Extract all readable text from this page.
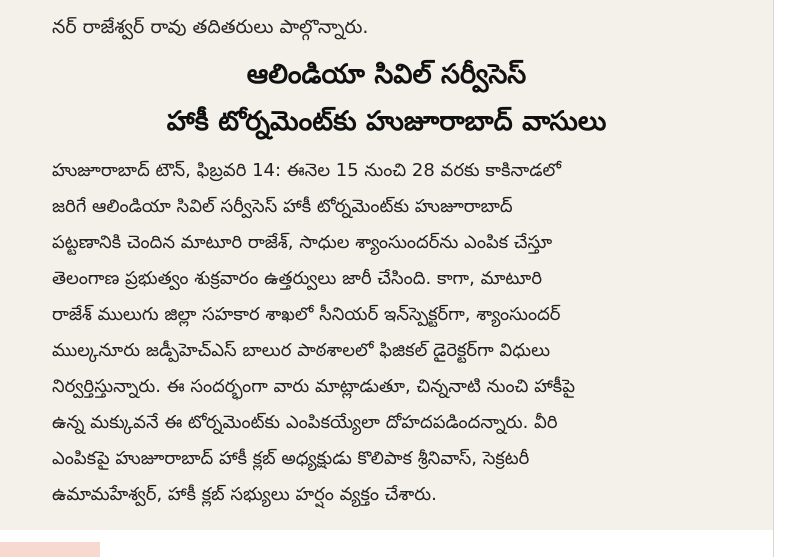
నర్ రాజేశ్వర్ రావు తదితరులు పాల్గొన్నారు.
ఆలిండియా సివిల్ సర్వీసెస్
హాకీ టోర్నమెంట్‌కు హుజూరాబాద్ వాసులు
హుజూరాబాద్ టౌన్, ఫిబ్రవరి 14: ఈనెల 15 నుంచి 28 వరకు కాకినాడలో
జరిగే ఆలిండియా సివిల్ సర్వీసెస్ హాకీ టోర్నమెంట్‌కు హుజూరాబాద్
పట్టణానికి చెందిన మాటూరి రాజేశ్, సాధుల శ్యాంసుందర్‌ను ఎంపిక చేస్తూ
తెలంగాణ ప్రభుత్వం శుక్రవారం ఉత్తర్వులు జారీ చేసింది. కాగా, మాటూరి
రాజేశ్ ములుగు జిల్లా సహకార శాఖలో సీనియర్ ఇన్‌స్పెక్టర్‌గా, శ్యాంసుందర్
ముల్కనూరు జడ్పీహెచ్ఎస్ బాలుర పాఠశాలలో ఫిజికల్ డైరెక్టర్‌గా విధులు
నిర్వర్తిస్తున్నారు. ఈ సందర్భంగా వారు మాట్లాడుతూ, చిన్ననాటి నుంచి హాకీపై
ఉన్న మక్కువనే ఈ టోర్నమెంట్‌కు ఎంపికయ్యేలా దోహదపడిందన్నారు. వీరి
ఎంపికపై హుజూరాబాద్ హాకీ క్లబ్ అధ్యక్షుడు కొలిపాక శ్రీనివాస్, సెక్రటరీ
ఉమామహేశ్వర్, హాకీ క్లబ్ సభ్యులు హర్షం వ్యక్తం చేశారు.
